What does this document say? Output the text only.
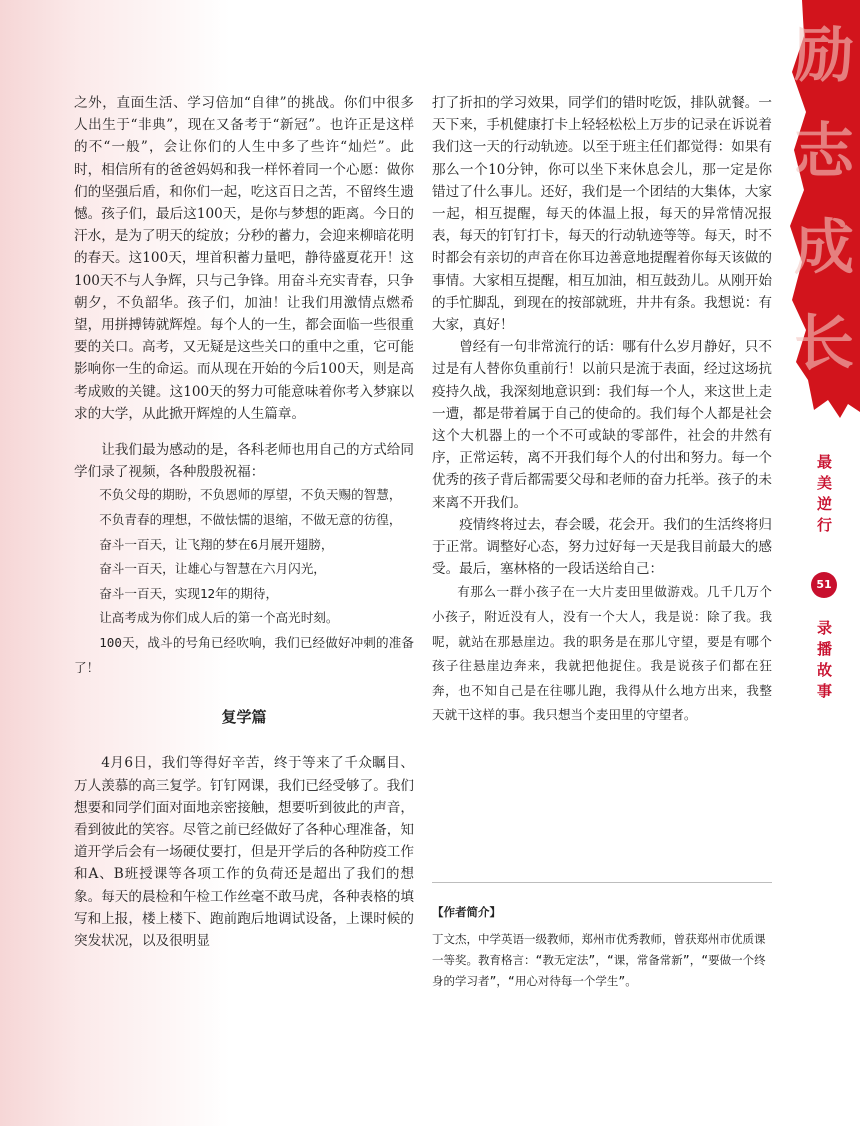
之外，直面生活、学习倍加“自律”的挑战。你们中很多人出生于“非典”，现在又备考于“新冠”。也许正是这样的不“一般”，会让你们的人生中多了些许“灿烂”。此时，相信所有的爸爸妈妈和我一样怀着同一个心愿：做你们的坚强后盾，和你们一起，吃这百日之苦，不留终生遗憾。孩子们，最后这100天，是你与梦想的距离。今日的汗水，是为了明天的绽放；分秒的蓄力，会迎来柳暗花明的春天。这100天，埋首积蓄力量吧，静待盛夏花开！这100天不与人争辉，只与己争锋。用奋斗充实青春，只争朝夕，不负韶华。孩子们，加油！让我们用激情点燃希望，用拼搏铸就辉煌。每个人的一生，都会面临一些很重要的关口。高考，又无疑是这些关口的重中之重，它可能影响你一生的命运。而从现在开始的今后100天，则是高考成败的关键。这100天的努力可能意味着你考入梦寐以求的大学，从此掀开辉煌的人生篇章。

让我们最为感动的是，各科老师也用自己的方式给同学们录了视频，各种殷殷祝福：

不负父母的期盼，不负恩师的厚望，不负天赐的智慧，

不负青春的理想，不做怯懦的退缩，不做无意的彷徨，

奋斗一百天，让飞翔的梦在6月展开翅膀，

奋斗一百天，让雄心与智慧在六月闪光，

奋斗一百天，实现12年的期待，

让高考成为你们成人后的第一个高光时刻。

100天，战斗的号角已经吹响，我们已经做好冲刺的准备了！

复学篇

4月6日，我们等得好辛苦，终于等来了千众瞩目、万人羡慕的高三复学。钉钉网课，我们已经受够了。我们想要和同学们面对面地亲密接触，想要听到彼此的声音，看到彼此的笑容。尽管之前已经做好了各种心理准备，知道开学后会有一场硬仗要打，但是开学后的各种防疫工作和A、B班授课等各项工作的负荷还是超出了我们的想象。每天的晨检和午检工作丝毫不敢马虎，各种表格的填写和上报，楼上楼下、跑前跑后地调试设备，上课时候的突发状况，以及很明显

打了折扣的学习效果，同学们的错时吃饭，排队就餐。一天下来，手机健康打卡上轻轻松松上万步的记录在诉说着我们这一天的行动轨迹。以至于班主任们都觉得：如果有那么一个10分钟，你可以坐下来休息会儿，那一定是你错过了什么事儿。还好，我们是一个团结的大集体，大家一起，相互提醒，每天的体温上报，每天的异常情况报表，每天的钉钉打卡，每天的行动轨迹等等。每天，时不时都会有亲切的声音在你耳边善意地提醒着你每天该做的事情。大家相互提醒，相互加油，相互鼓劲儿。从刚开始的手忙脚乱，到现在的按部就班，井井有条。我想说：有大家，真好！

曾经有一句非常流行的话：哪有什么岁月静好，只不过是有人替你负重前行！以前只是流于表面，经过这场抗疫持久战，我深刻地意识到：我们每一个人，来这世上走一遭，都是带着属于自己的使命的。我们每个人都是社会这个大机器上的一个不可或缺的零部件，社会的井然有序，正常运转，离不开我们每个人的付出和努力。每一个优秀的孩子背后都需要父母和老师的奋力托举。孩子的未来离不开我们。

疫情终将过去，春会暖，花会开。我们的生活终将归于正常。调整好心态，努力过好每一天是我目前最大的感受。最后，塞林格的一段话送给自己：

有那么一群小孩子在一大片麦田里做游戏。几千几万个小孩子，附近没有人，没有一个大人，我是说：除了我。我呢，就站在那悬崖边。我的职务是在那儿守望，要是有哪个孩子往悬崖边奔来，我就把他捉住。我是说孩子们都在狂奔，也不知自己是在往哪儿跑，我得从什么地方出来，我整天就干这样的事。我只想当个麦田里的守望者。

【作者简介】
丁文杰，中学英语一级教师，郑州市优秀教师，曾获郑州市优质课一等奖。教育格言：“教无定法”，“课，常备常新”，“要做一个终身的学习者”，“用心对待每一个学生”。
励志成长
最美逆行
51
录播故事
